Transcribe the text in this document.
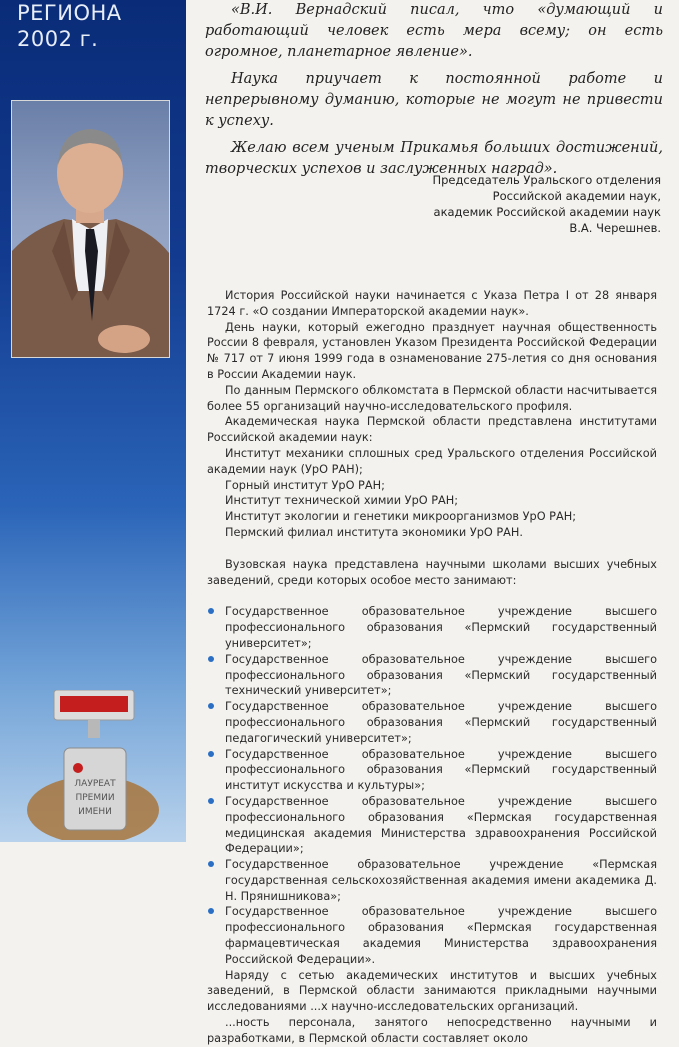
РЕГИОНА
2002 г.
ЛАУРЕАТ
ПРЕМИИ
ИМЕНИ

«В.И. Вернадский писал, что «думающий и работающий человек есть мера всему; он есть огромное, планетарное явление».

Наука приучает к постоянной работе и непрерывному думанию, которые не могут не привести к успеху.

Желаю всем ученым Прикамья больших достижений, творческих успехов и заслуженных наград».

Председатель Уральского отделения
Российской академии наук,
академик Российской академии наук
В.А. Черешнев.

История Российской науки начинается с Указа Петра I от 28 января 1724 г. «О создании Императорской академии наук».

День науки, который ежегодно празднует научная общественность России 8 февраля, установлен Указом Президента Российской Федерации № 717 от 7 июня 1999 года в ознаменование 275-летия со дня основания в России Академии наук.

По данным Пермского облкомстата в Пермской области насчитывается более 55 организаций научно-исследовательского профиля.

Академическая наука Пермской области представлена институтами Российской академии наук:

Институт механики сплошных сред Уральского отделения Российской академии наук (УрО РАН);

Горный институт УрО РАН;

Институт технической химии УрО РАН;

Институт экологии и генетики микроорганизмов УрО РАН;

Пермский филиал института экономики УрО РАН.

Вузовская наука представлена научными школами высших учебных заведений, среди которых особое место занимают:

Государственное образовательное учреждение высшего профессионального образования «Пермский государственный университет»;
Государственное образовательное учреждение высшего профессионального образования «Пермский государственный технический университет»;
Государственное образовательное учреждение высшего профессионального образования «Пермский государственный педагогический университет»;
Государственное образовательное учреждение высшего профессионального образования «Пермский государственный институт искусства и культуры»;
Государственное образовательное учреждение высшего профессионального образования «Пермская государственная медицинская академия Министерства здравоохранения Российской Федерации»;
Государственное образовательное учреждение «Пермская государственная сельскохозяйственная академия имени академика Д. Н. Прянишникова»;
Государственное образовательное учреждение высшего профессионального образования «Пермская государственная фармацевтическая академия Министерства здравоохранения Российской Федерации».

Наряду с сетью академических институтов и высших учебных заведений, в Пермской области занимаются прикладными научными исследованиями ...х научно-исследовательских организаций.

...ность персонала, занятого непосредственно научными и разработками, в Пермской области составляет около
